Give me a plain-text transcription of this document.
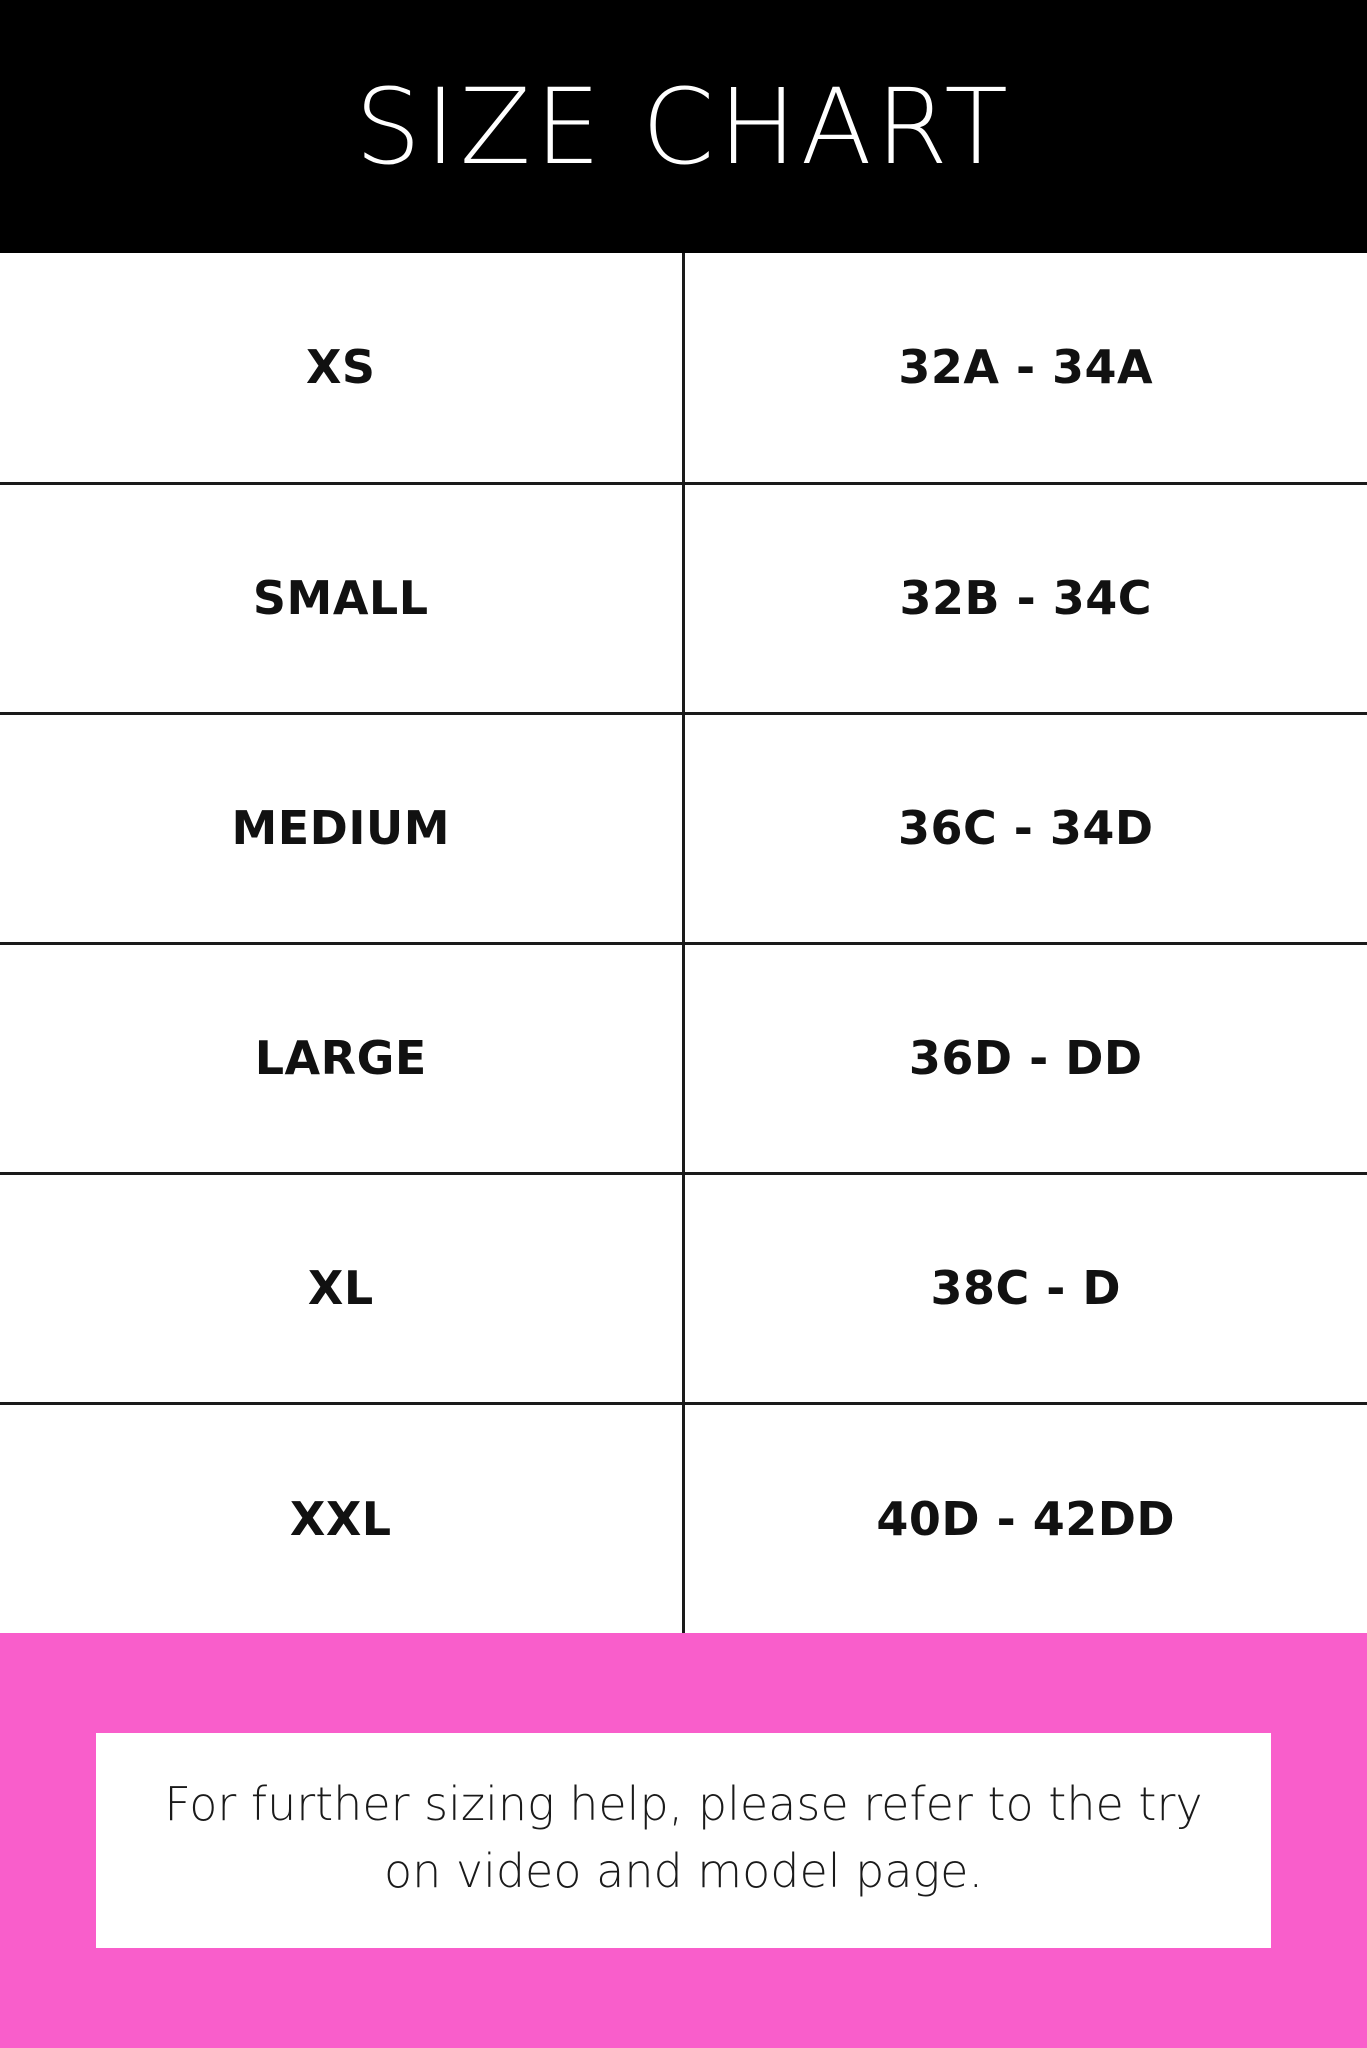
SIZE CHART
XS	32A - 34A
SMALL	32B - 34C
MEDIUM	36C - 34D
LARGE	36D - DD
XL	38C - D
XXL	40D - 42DD
For further sizing help, please refer to the try on video and model page.
